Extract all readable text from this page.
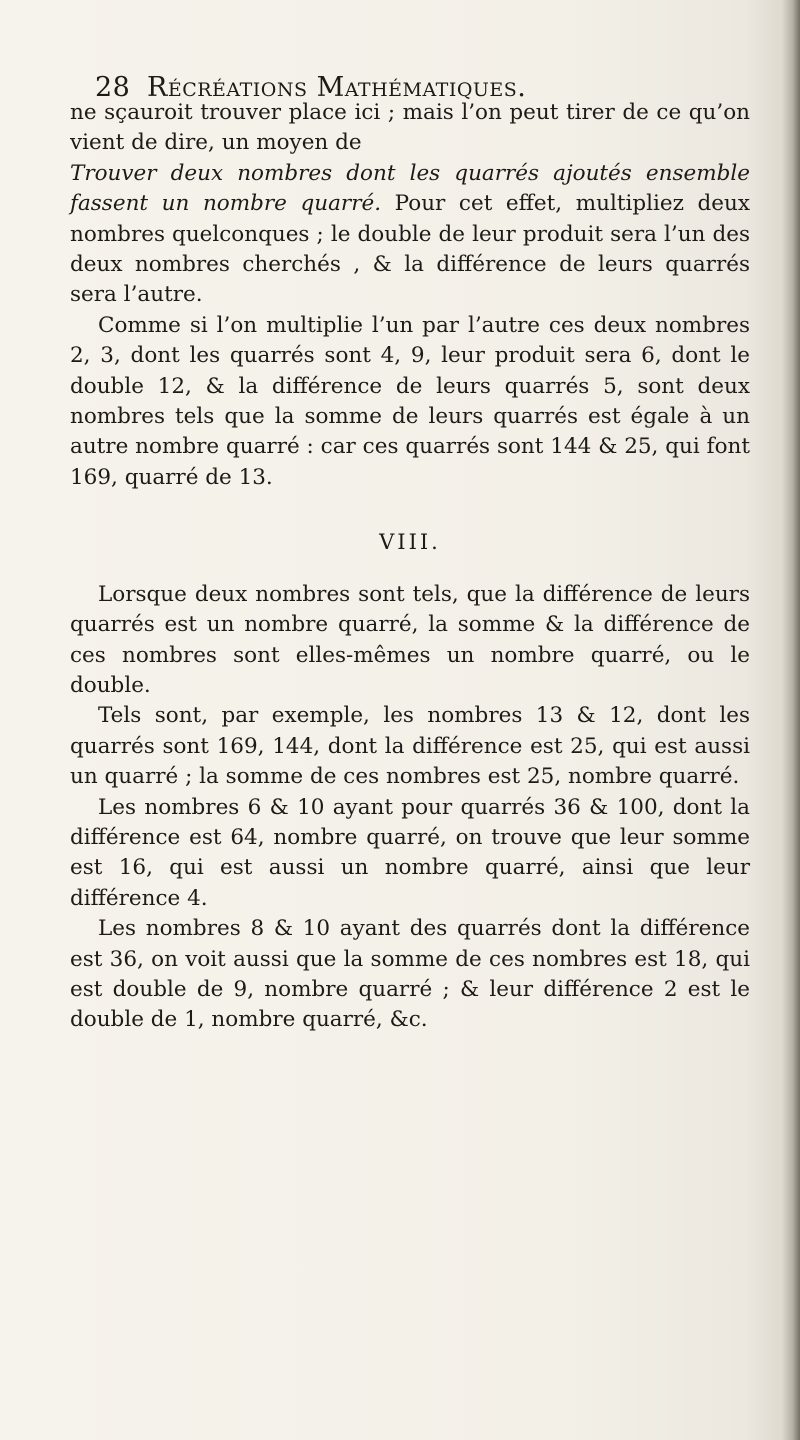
28 Récréations Mathématiques.

ne sçauroit trouver place ici ; mais l’on peut tirer de ce qu’on vient de dire, un moyen de
Trouver deux nombres dont les quarrés ajoutés ensemble fassent un nombre quarré. Pour cet effet, multipliez deux nombres quelconques ; le double de leur produit sera l’un des deux nombres cherchés , & la différence de leurs quarrés sera l’autre.

Comme si l’on multiplie l’un par l’autre ces deux nombres 2, 3, dont les quarrés sont 4, 9, leur produit sera 6, dont le double 12, & la différence de leurs quarrés 5, sont deux nombres tels que la somme de leurs quarrés est égale à un autre nombre quarré : car ces quarrés sont 144 & 25, qui font 169, quarré de 13.

VIII.

Lorsque deux nombres sont tels, que la différence de leurs quarrés est un nombre quarré, la somme & la différence de ces nombres sont elles-mêmes un nombre quarré, ou le double.

Tels sont, par exemple, les nombres 13 & 12, dont les quarrés sont 169, 144, dont la différence est 25, qui est aussi un quarré ; la somme de ces nombres est 25, nombre quarré.

Les nombres 6 & 10 ayant pour quarrés 36 & 100, dont la différence est 64, nombre quarré, on trouve que leur somme est 16, qui est aussi un nombre quarré, ainsi que leur différence 4.

Les nombres 8 & 10 ayant des quarrés dont la différence est 36, on voit aussi que la somme de ces nombres est 18, qui est double de 9, nombre quarré ; & leur différence 2 est le double de 1, nombre quarré, &c.
